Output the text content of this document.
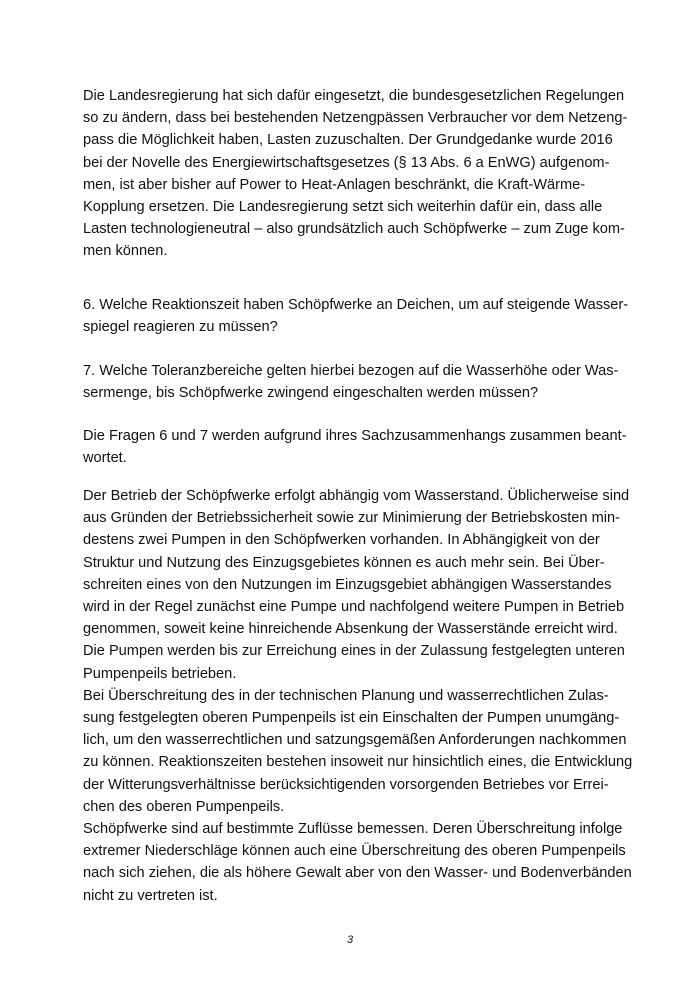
Die Landesregierung hat sich dafür eingesetzt, die bundesgesetzlichen Regelungen
so zu ändern, dass bei bestehenden Netzengpässen Verbraucher vor dem Netzeng-
pass die Möglichkeit haben, Lasten zuzuschalten. Der Grundgedanke wurde 2016
bei der Novelle des Energiewirtschaftsgesetzes (§ 13 Abs. 6 a EnWG) aufgenom-
men, ist aber bisher auf Power to Heat-Anlagen beschränkt, die Kraft-Wärme-
Kopplung ersetzen. Die Landesregierung setzt sich weiterhin dafür ein, dass alle
Lasten technologieneutral – also grundsätzlich auch Schöpfwerke – zum Zuge kom-
men können.
6. Welche Reaktionszeit haben Schöpfwerke an Deichen, um auf steigende Wasser-
spiegel reagieren zu müssen?
7. Welche Toleranzbereiche gelten hierbei bezogen auf die Wasserhöhe oder Was-
sermenge, bis Schöpfwerke zwingend eingeschalten werden müssen?
Die Fragen 6 und 7 werden aufgrund ihres Sachzusammenhangs zusammen beant-
wortet.
Der Betrieb der Schöpfwerke erfolgt abhängig vom Wasserstand. Üblicherweise sind
aus Gründen der Betriebssicherheit sowie zur Minimierung der Betriebskosten min-
destens zwei Pumpen in den Schöpfwerken vorhanden. In Abhängigkeit von der
Struktur und Nutzung des Einzugsgebietes können es auch mehr sein. Bei Über-
schreiten eines von den Nutzungen im Einzugsgebiet abhängigen Wasserstandes
wird in der Regel zunächst eine Pumpe und nachfolgend weitere Pumpen in Betrieb
genommen, soweit keine hinreichende Absenkung der Wasserstände erreicht wird.
Die Pumpen werden bis zur Erreichung eines in der Zulassung festgelegten unteren
Pumpenpeils betrieben.
Bei Überschreitung des in der technischen Planung und wasserrechtlichen Zulas-
sung festgelegten oberen Pumpenpeils ist ein Einschalten der Pumpen unumgäng-
lich, um den wasserrechtlichen und satzungsgemäßen Anforderungen nachkommen
zu können. Reaktionszeiten bestehen insoweit nur hinsichtlich eines, die Entwicklung
der Witterungsverhältnisse berücksichtigenden vorsorgenden Betriebes vor Errei-
chen des oberen Pumpenpeils.
Schöpfwerke sind auf bestimmte Zuflüsse bemessen. Deren Überschreitung infolge
extremer Niederschläge können auch eine Überschreitung des oberen Pumpenpeils
nach sich ziehen, die als höhere Gewalt aber von den Wasser- und Bodenverbänden
nicht zu vertreten ist.
3
